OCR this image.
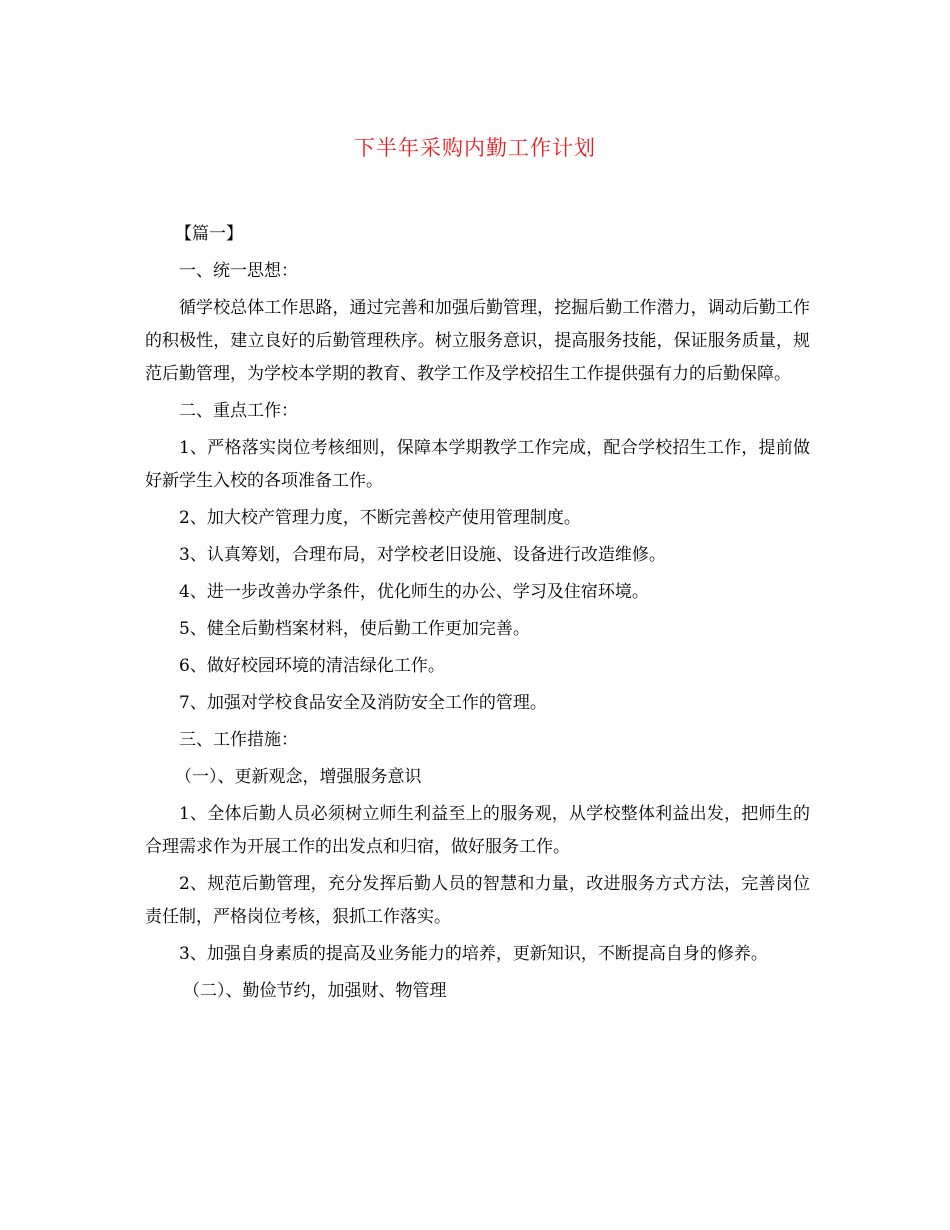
下半年采购内勤工作计划

【篇一】

一、统一思想：

循学校总体工作思路，通过完善和加强后勤管理，挖掘后勤工作潜力，调动后勤工作的积极性，建立良好的后勤管理秩序。树立服务意识，提高服务技能，保证服务质量，规范后勤管理，为学校本学期的教育、教学工作及学校招生工作提供强有力的后勤保障。

二、重点工作：

1、严格落实岗位考核细则，保障本学期教学工作完成，配合学校招生工作，提前做好新学生入校的各项准备工作。

2、加大校产管理力度，不断完善校产使用管理制度。

3、认真筹划，合理布局，对学校老旧设施、设备进行改造维修。

4、进一步改善办学条件，优化师生的办公、学习及住宿环境。

5、健全后勤档案材料，使后勤工作更加完善。

6、做好校园环境的清洁绿化工作。

7、加强对学校食品安全及消防安全工作的管理。

三、工作措施：

（一）、更新观念，增强服务意识

1、全体后勤人员必须树立师生利益至上的服务观，从学校整体利益出发，把师生的合理需求作为开展工作的出发点和归宿，做好服务工作。

2、规范后勤管理，充分发挥后勤人员的智慧和力量，改进服务方式方法，完善岗位责任制，严格岗位考核，狠抓工作落实。

3、加强自身素质的提高及业务能力的培养，更新知识，不断提高自身的修养。

（二）、勤俭节约，加强财、物管理
